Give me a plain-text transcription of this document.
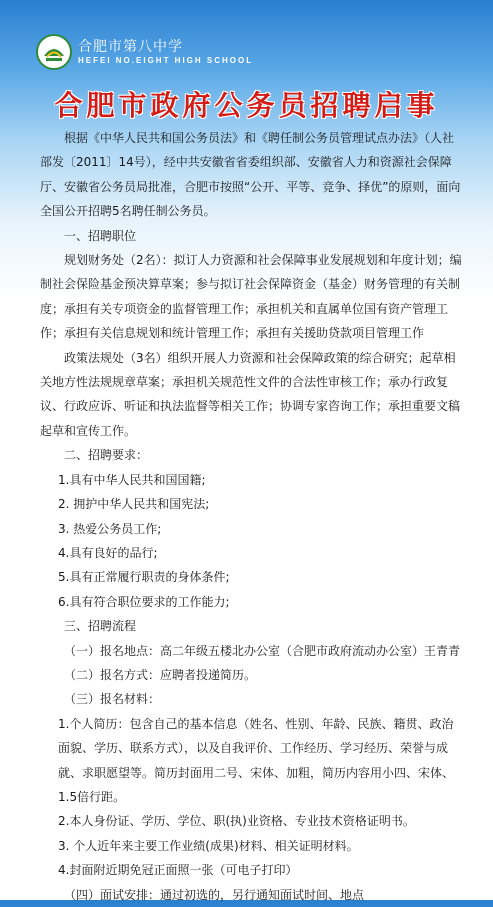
合肥市第八中学
HEFEI NO.EIGHT HIGH SCHOOL
合肥市政府公务员招聘启事

根据《中华人民共和国公务员法》和《聘任制公务员管理试点办法》（人社部发〔2011〕14号），经中共安徽省省委组织部、安徽省人力和资源社会保障厅、安徽省公务员局批准，合肥市按照“公开、平等、竞争、择优”的原则，面向全国公开招聘5名聘任制公务员。

一、招聘职位

规划财务处（2名）：拟订人力资源和社会保障事业发展规划和年度计划；编制社会保险基金预决算草案；参与拟订社会保障资金（基金）财务管理的有关制度；承担有关专项资金的监督管理工作；承担机关和直属单位国有资产管理工作；承担有关信息规划和统计管理工作；承担有关援助贷款项目管理工作

政策法规处（3名）组织开展人力资源和社会保障政策的综合研究；起草相关地方性法规规章草案；承担机关规范性文件的合法性审核工作；承办行政复议、行政应诉、听证和执法监督等相关工作；协调专家咨询工作；承担重要文稿起草和宣传工作。

二、招聘要求：

1.具有中华人民共和国国籍;

2. 拥护中华人民共和国宪法;

3. 热爱公务员工作;

4.具有良好的品行;

5.具有正常履行职责的身体条件;

6.具有符合职位要求的工作能力;

三、招聘流程

（一）报名地点：高二年级五楼北办公室（合肥市政府流动办公室）王青青

（二）报名方式：应聘者投递简历。

（三）报名材料：

1.个人简历：包含自己的基本信息（姓名、性别、年龄、民族、籍贯、政治面貌、学历、联系方式），以及自我评价、工作经历、学习经历、荣誉与成就、求职愿望等。简历封面用二号、宋体、加粗，简历内容用小四、宋体、1.5倍行距。

2.本人身份证、学历、学位、职(执)业资格、专业技术资格证明书。

3. 个人近年来主要工作业绩(成果)材料、相关证明材料。

4.封面附近期免冠正面照一张（可电子打印）

（四）面试安排：通过初选的，另行通知面试时间、地点
